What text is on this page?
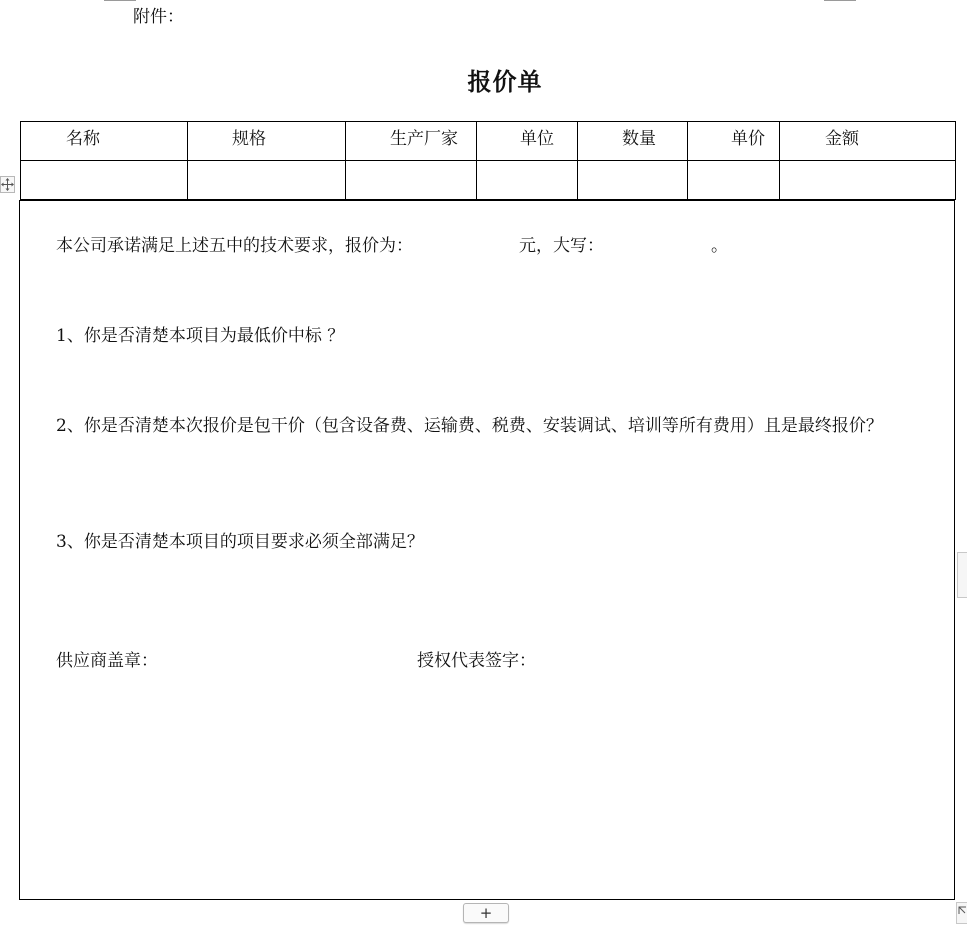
附件：
报价单
名称	规格	生产厂家	单位	数量	单价	金额

本公司承诺满足上述五中的技术要求，报价为：	元，大写：	。
1、你是否清楚本项目为最低价中标 ？
2、你是否清楚本次报价是包干价（包含设备费、运输费、税费、安装调试、培训等所有费用）且是最终报价？
3、你是否清楚本项目的项目要求必须全部满足？
供应商盖章：	授权代表签字：
+
